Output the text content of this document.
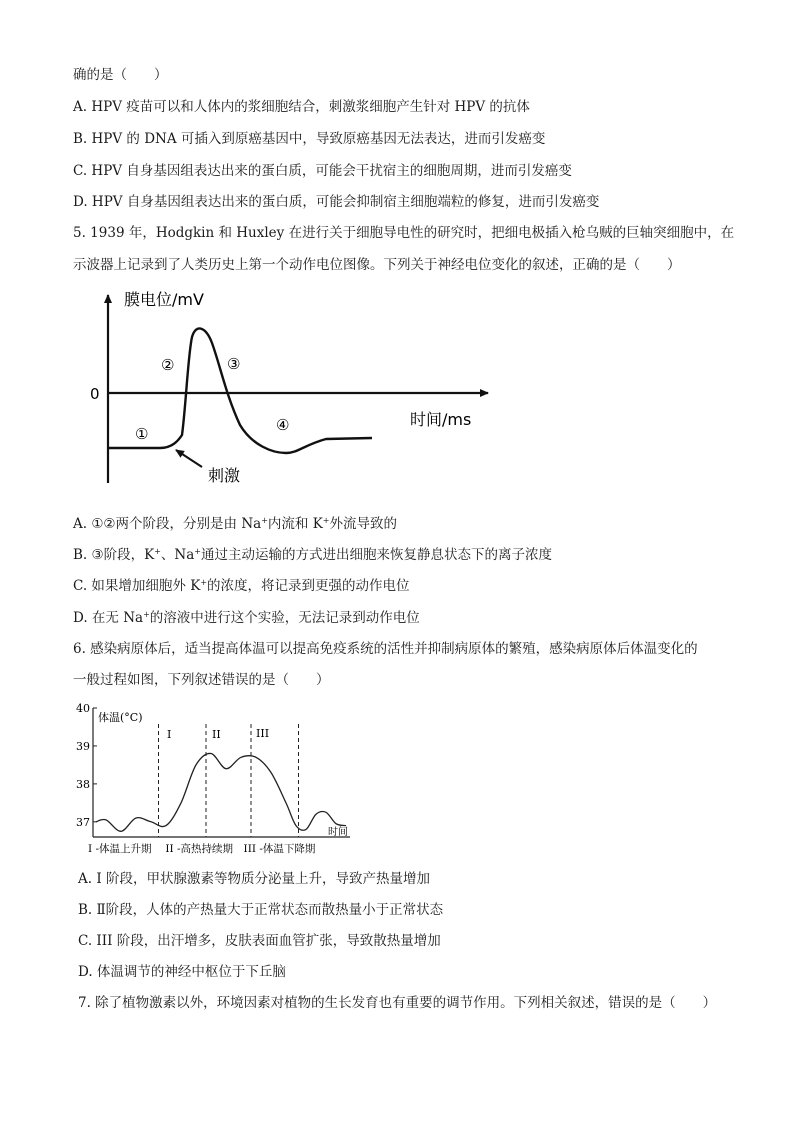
确的是（　　）
A. HPV 疫苗可以和人体内的浆细胞结合，刺激浆细胞产生针对 HPV 的抗体
B. HPV 的 DNA 可插入到原癌基因中，导致原癌基因无法表达，进而引发癌变
C. HPV 自身基因组表达出来的蛋白质，可能会干扰宿主的细胞周期，进而引发癌变
D. HPV 自身基因组表达出来的蛋白质，可能会抑制宿主细胞端粒的修复，进而引发癌变
5. 1939 年，Hodgkin 和 Huxley 在进行关于细胞导电性的研究时，把细电极插入枪乌贼的巨轴突细胞中，在
示波器上记录到了人类历史上第一个动作电位图像。下列关于神经电位变化的叙述，正确的是（　　）
膜电位/mV
0
时间/ms
①
②	③
④
刺激
A. ①②两个阶段，分别是由 Na+内流和 K+外流导致的
B. ③阶段，K+、Na+通过主动运输的方式进出细胞来恢复静息状态下的离子浓度
C. 如果增加细胞外 K+的浓度，将记录到更强的动作电位
D. 在无 Na+的溶液中进行这个实验，无法记录到动作电位
6. 感染病原体后，适当提高体温可以提高免疫系统的活性并抑制病原体的繁殖，感染病原体后体温变化的
一般过程如图，下列叙述错误的是（　　）
37
38
39
40
体温(°C)
时间
I	II	III
I -体温上升期　 II -高热持续期　III -体温下降期
A. I 阶段，甲状腺激素等物质分泌量上升，导致产热量增加
B. Ⅱ阶段，人体的产热量大于正常状态而散热量小于正常状态
C. III 阶段，出汗增多，皮肤表面血管扩张，导致散热量增加
D. 体温调节的神经中枢位于下丘脑
7. 除了植物激素以外，环境因素对植物的生长发育也有重要的调节作用。下列相关叙述，错误的是（　　）
